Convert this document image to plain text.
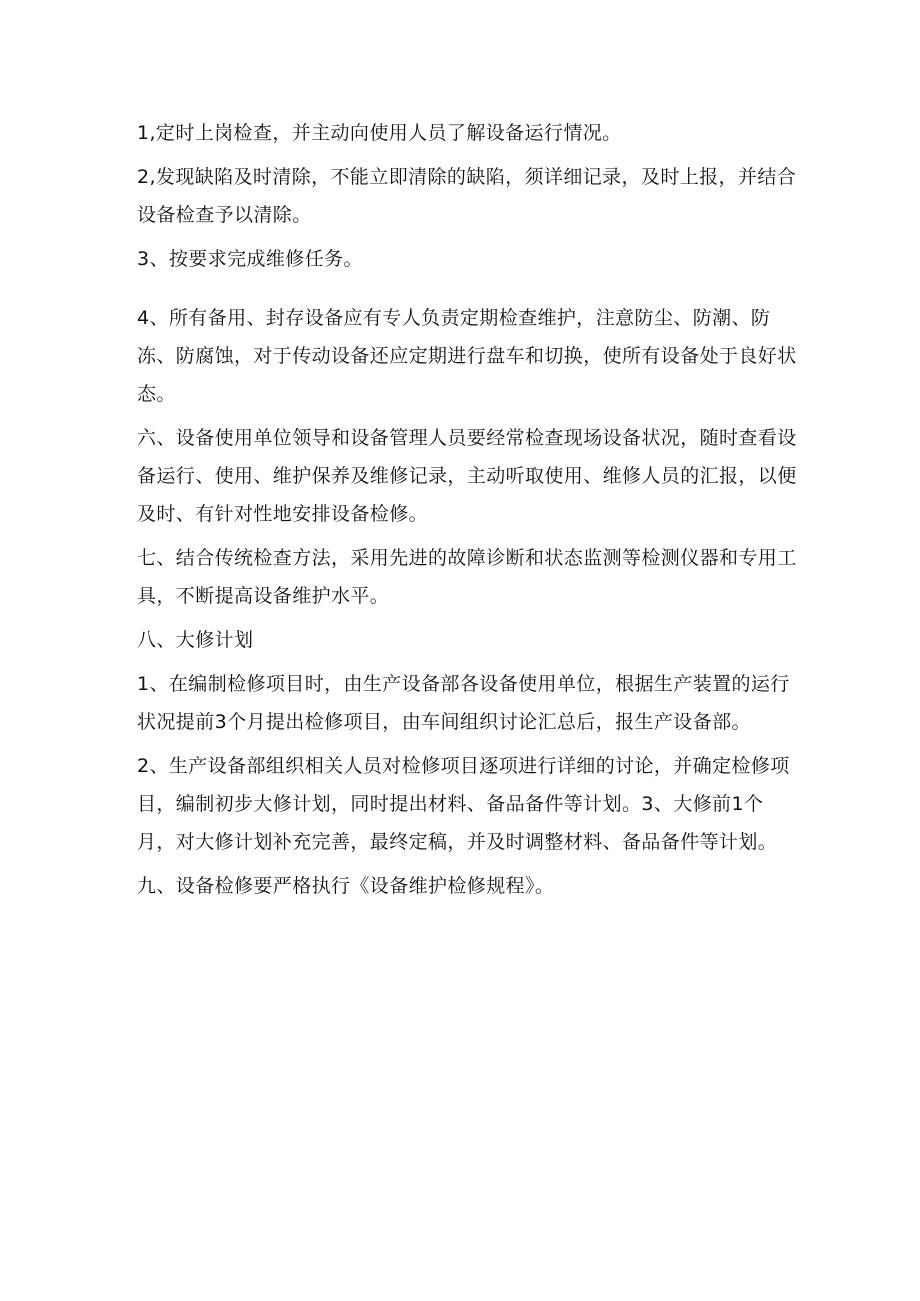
1,定时上岗检查，并主动向使用人员了解设备运行情况。

2,发现缺陷及时清除，不能立即清除的缺陷，须详细记录，及时上报，并结合设备检查予以清除。

3、按要求完成维修任务。

4、所有备用、封存设备应有专人负责定期检查维护，注意防尘、防潮、防冻、防腐蚀，对于传动设备还应定期进行盘车和切换，使所有设备处于良好状态。

六、设备使用单位领导和设备管理人员要经常检查现场设备状况，随时查看设备运行、使用、维护保养及维修记录，主动听取使用、维修人员的汇报，以便及时、有针对性地安排设备检修。

七、结合传统检查方法，采用先进的故障诊断和状态监测等检测仪器和专用工具，不断提高设备维护水平。

八、大修计划

1、在编制检修项目时，由生产设备部各设备使用单位，根据生产装置的运行状况提前3个月提出检修项目，由车间组织讨论汇总后，报生产设备部。

2、生产设备部组织相关人员对检修项目逐项进行详细的讨论，并确定检修项目，编制初步大修计划，同时提出材料、备品备件等计划。3、大修前1个月，对大修计划补充完善，最终定稿，并及时调整材料、备品备件等计划。

九、设备检修要严格执行《设备维护检修规程》。
